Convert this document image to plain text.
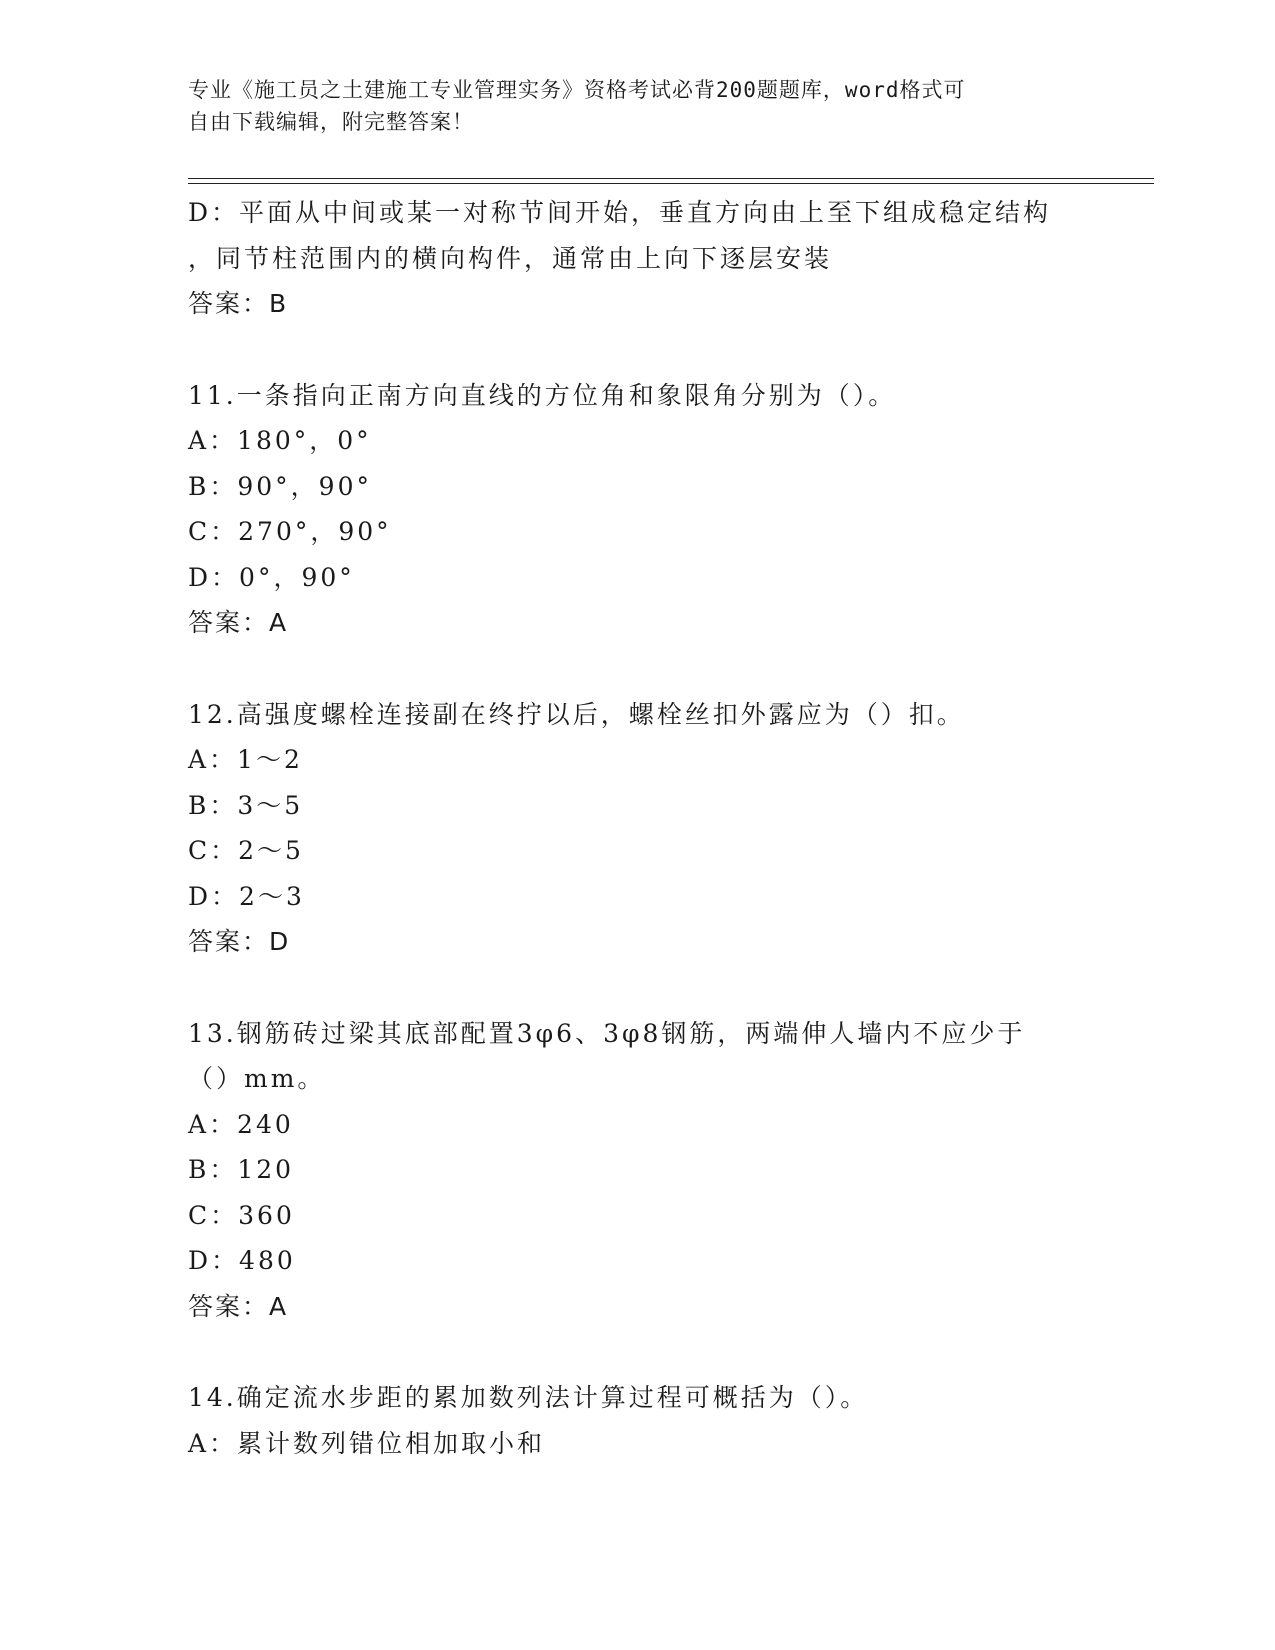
专业《施工员之土建施工专业管理实务》资格考试必背200题题库，word格式可
自由下载编辑，附完整答案！
D：平面从中间或某一对称节间开始，垂直方向由上至下组成稳定结构
，同节柱范围内的横向构件，通常由上向下逐层安装
答案：B
11.一条指向正南方向直线的方位角和象限角分别为（）。
A：180°，0°
B：90°，90°
C：270°，90°
D：0°，90°
答案：A
12.高强度螺栓连接副在终拧以后，螺栓丝扣外露应为（）扣。
A：1～2
B：3～5
C：2～5
D：2～3
答案：D
13.钢筋砖过梁其底部配置3φ6、3φ8钢筋，两端伸人墙内不应少于
（）mm。
A：240
B：120
C：360
D：480
答案：A
14.确定流水步距的累加数列法计算过程可概括为（）。
A：累计数列错位相加取小和
